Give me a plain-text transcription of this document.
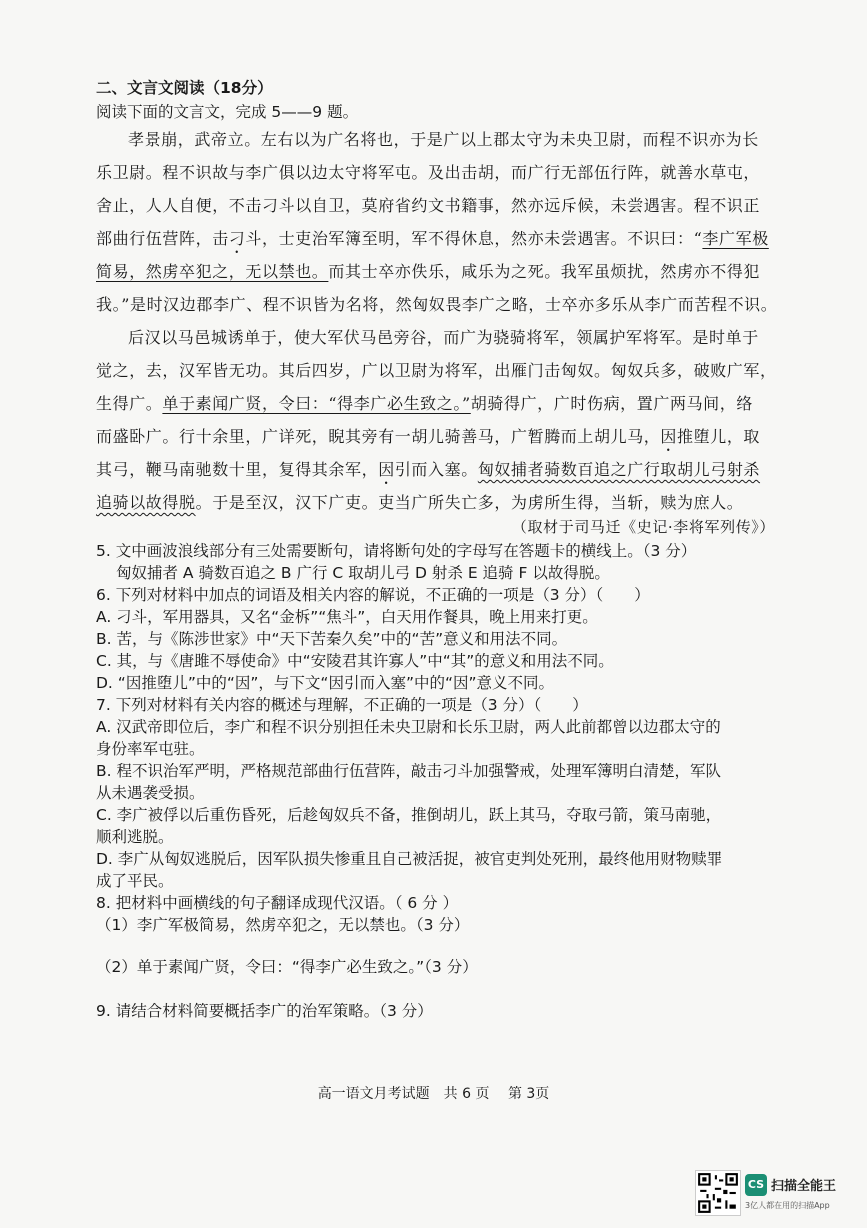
二、文言文阅读（18分）
阅读下面的文言文，完成 5——9 题。
孝景崩，武帝立。左右以为广名将也，于是广以上郡太守为未央卫尉，而程不识亦为长
乐卫尉。程不识故与李广俱以边太守将军屯。及出击胡，而广行无部伍行阵，就善水草屯，
舍止，人人自便，不击刁斗以自卫，莫府省约文书籍事，然亦远斥候，未尝遇害。程不识正
部曲行伍营阵，击刁斗，士吏治军簿至明，军不得休息，然亦未尝遇害。不识曰：“李广军极
简易，然虏卒犯之，无以禁也。而其士卒亦佚乐，咸乐为之死。我军虽烦扰，然虏亦不得犯
我。”是时汉边郡李广、程不识皆为名将，然匈奴畏李广之略，士卒亦多乐从李广而苦程不识。
后汉以马邑城诱单于，使大军伏马邑旁谷，而广为骁骑将军，领属护军将军。是时单于
觉之，去，汉军皆无功。其后四岁，广以卫尉为将军，出雁门击匈奴。匈奴兵多，破败广军，
生得广。单于素闻广贤，令曰：“得李广必生致之。”胡骑得广，广时伤病，置广两马间，络
而盛卧广。行十余里，广详死，睨其旁有一胡儿骑善马，广暂腾而上胡儿马，因推堕儿，取
其弓，鞭马南驰数十里，复得其余军，因引而入塞。匈奴捕者骑数百追之广行取胡儿弓射杀
追骑以故得脱。于是至汉，汉下广吏。吏当广所失亡多，为虏所生得，当斩，赎为庶人。
（取材于司马迁《史记·李将军列传》）
5. 文中画波浪线部分有三处需要断句，请将断句处的字母写在答题卡的横线上。（3 分）
匈奴捕者 A 骑数百追之 B 广行 C 取胡儿弓 D 射杀 E 追骑 F 以故得脱。
6. 下列对材料中加点的词语及相关内容的解说，不正确的一项是（3 分）（　　）
A. 刁斗，军用器具，又名“金柝”“焦斗”，白天用作餐具，晚上用来打更。
B. 苦，与《陈涉世家》中“天下苦秦久矣”中的“苦”意义和用法不同。
C. 其，与《唐雎不辱使命》中“安陵君其许寡人”中“其”的意义和用法不同。
D. “因推堕儿”中的“因”，与下文“因引而入塞”中的“因”意义不同。
7. 下列对材料有关内容的概述与理解，不正确的一项是（3 分）（　　）
A. 汉武帝即位后，李广和程不识分别担任未央卫尉和长乐卫尉，两人此前都曾以边郡太守的
身份率军屯驻。
B. 程不识治军严明，严格规范部曲行伍营阵，敲击刁斗加强警戒，处理军簿明白清楚，军队
从未遇袭受损。
C. 李广被俘以后重伤昏死，后趁匈奴兵不备，推倒胡儿，跃上其马，夺取弓箭，策马南驰，
顺利逃脱。
D. 李广从匈奴逃脱后，因军队损失惨重且自己被活捉，被官吏判处死刑，最终他用财物赎罪
成了平民。
8. 把材料中画横线的句子翻译成现代汉语。（ 6 分 ）
（1）李广军极简易，然虏卒犯之，无以禁也。（3 分）
（2）单于素闻广贤，令曰：“得李广必生致之。”（3 分）
9. 请结合材料简要概括李广的治军策略。（3 分）
高一语文月考试题　共 6 页　 第 3页
CS 扫描全能王
3亿人都在用的扫描App
